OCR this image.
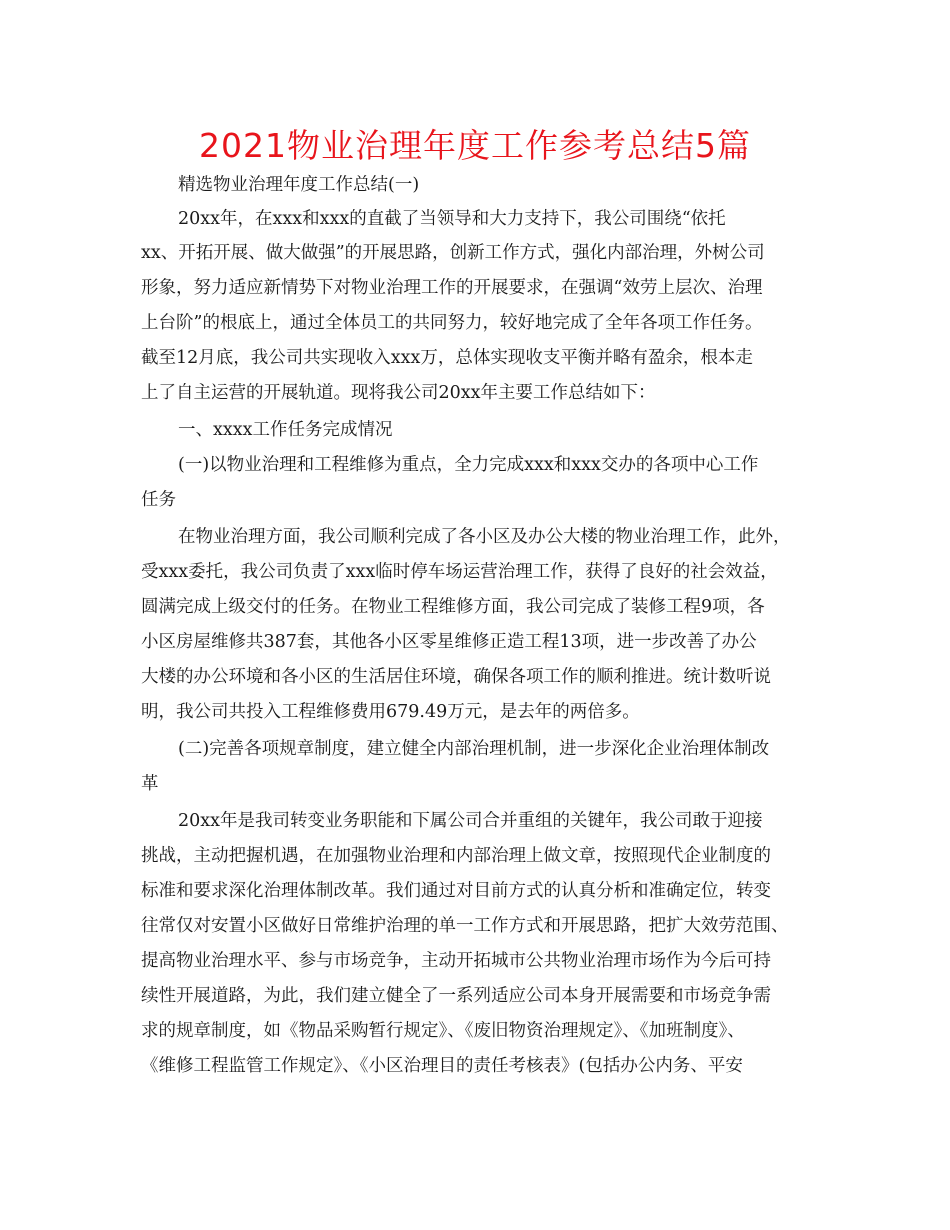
2021物业治理年度工作参考总结5篇
精选物业治理年度工作总结(一)
20xx年，在xxx和xxx的直截了当领导和大力支持下，我公司围绕“依托
xx、开拓开展、做大做强”的开展思路，创新工作方式，强化内部治理，外树公司
形象，努力适应新情势下对物业治理工作的开展要求，在强调“效劳上层次、治理
上台阶”的根底上，通过全体员工的共同努力，较好地完成了全年各项工作任务。
截至12月底，我公司共实现收入xxx万，总体实现收支平衡并略有盈余，根本走
上了自主运营的开展轨道。现将我公司20xx年主要工作总结如下：
一、xxxx工作任务完成情况
(一)以物业治理和工程维修为重点，全力完成xxx和xxx交办的各项中心工作
任务
在物业治理方面，我公司顺利完成了各小区及办公大楼的物业治理工作，此外，
受xxx委托，我公司负责了xxx临时停车场运营治理工作，获得了良好的社会效益，
圆满完成上级交付的任务。在物业工程维修方面，我公司完成了装修工程9项，各
小区房屋维修共387套，其他各小区零星维修正造工程13项，进一步改善了办公
大楼的办公环境和各小区的生活居住环境，确保各项工作的顺利推进。统计数听说
明，我公司共投入工程维修费用679.49万元，是去年的两倍多。
(二)完善各项规章制度，建立健全内部治理机制，进一步深化企业治理体制改
革
20xx年是我司转变业务职能和下属公司合并重组的关键年，我公司敢于迎接
挑战，主动把握机遇，在加强物业治理和内部治理上做文章，按照现代企业制度的
标准和要求深化治理体制改革。我们通过对目前方式的认真分析和准确定位，转变
往常仅对安置小区做好日常维护治理的单一工作方式和开展思路，把扩大效劳范围、
提高物业治理水平、参与市场竞争，主动开拓城市公共物业治理市场作为今后可持
续性开展道路，为此，我们建立健全了一系列适应公司本身开展需要和市场竞争需
求的规章制度，如《物品采购暂行规定》、《废旧物资治理规定》、《加班制度》、
《维修工程监管工作规定》、《小区治理目的责任考核表》(包括办公内务、平安
